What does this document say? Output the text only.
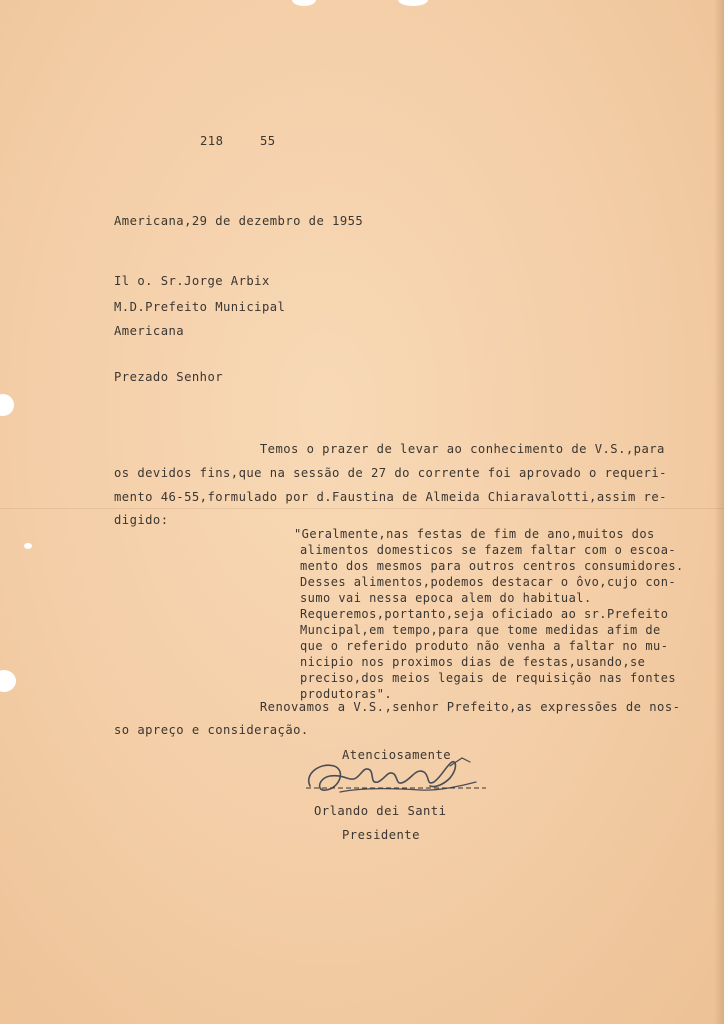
218	55

Americana,29 de dezembro de 1955

Il o. Sr.Jorge Arbix

M.D.Prefeito Municipal

Americana

Prezado Senhor

Temos o prazer de levar ao conhecimento de V.S.,para

os devidos fins,que na sessão de 27 do corrente foi aprovado o requeri-

mento 46-55,formulado por d.Faustina de Almeida Chiaravalotti,assim re-

digido:

"Geralmente,nas festas de fim de ano,muitos dos

alimentos domesticos se fazem faltar com o escoa-

mento dos mesmos para outros centros consumidores.

Desses alimentos,podemos destacar o ôvo,cujo con-

sumo vai nessa epoca alem do habitual.

Requeremos,portanto,seja oficiado ao sr.Prefeito

Muncipal,em tempo,para que tome medidas afim de

que o referido produto não venha a faltar no mu-

nicipio nos proximos dias de festas,usando,se

preciso,dos meios legais de requisição nas fontes

produtoras".

Renovamos a V.S.,senhor Prefeito,as expressões de nos-

so apreço e consideração.

Atenciosamente

Orlando dei Santi

Presidente
